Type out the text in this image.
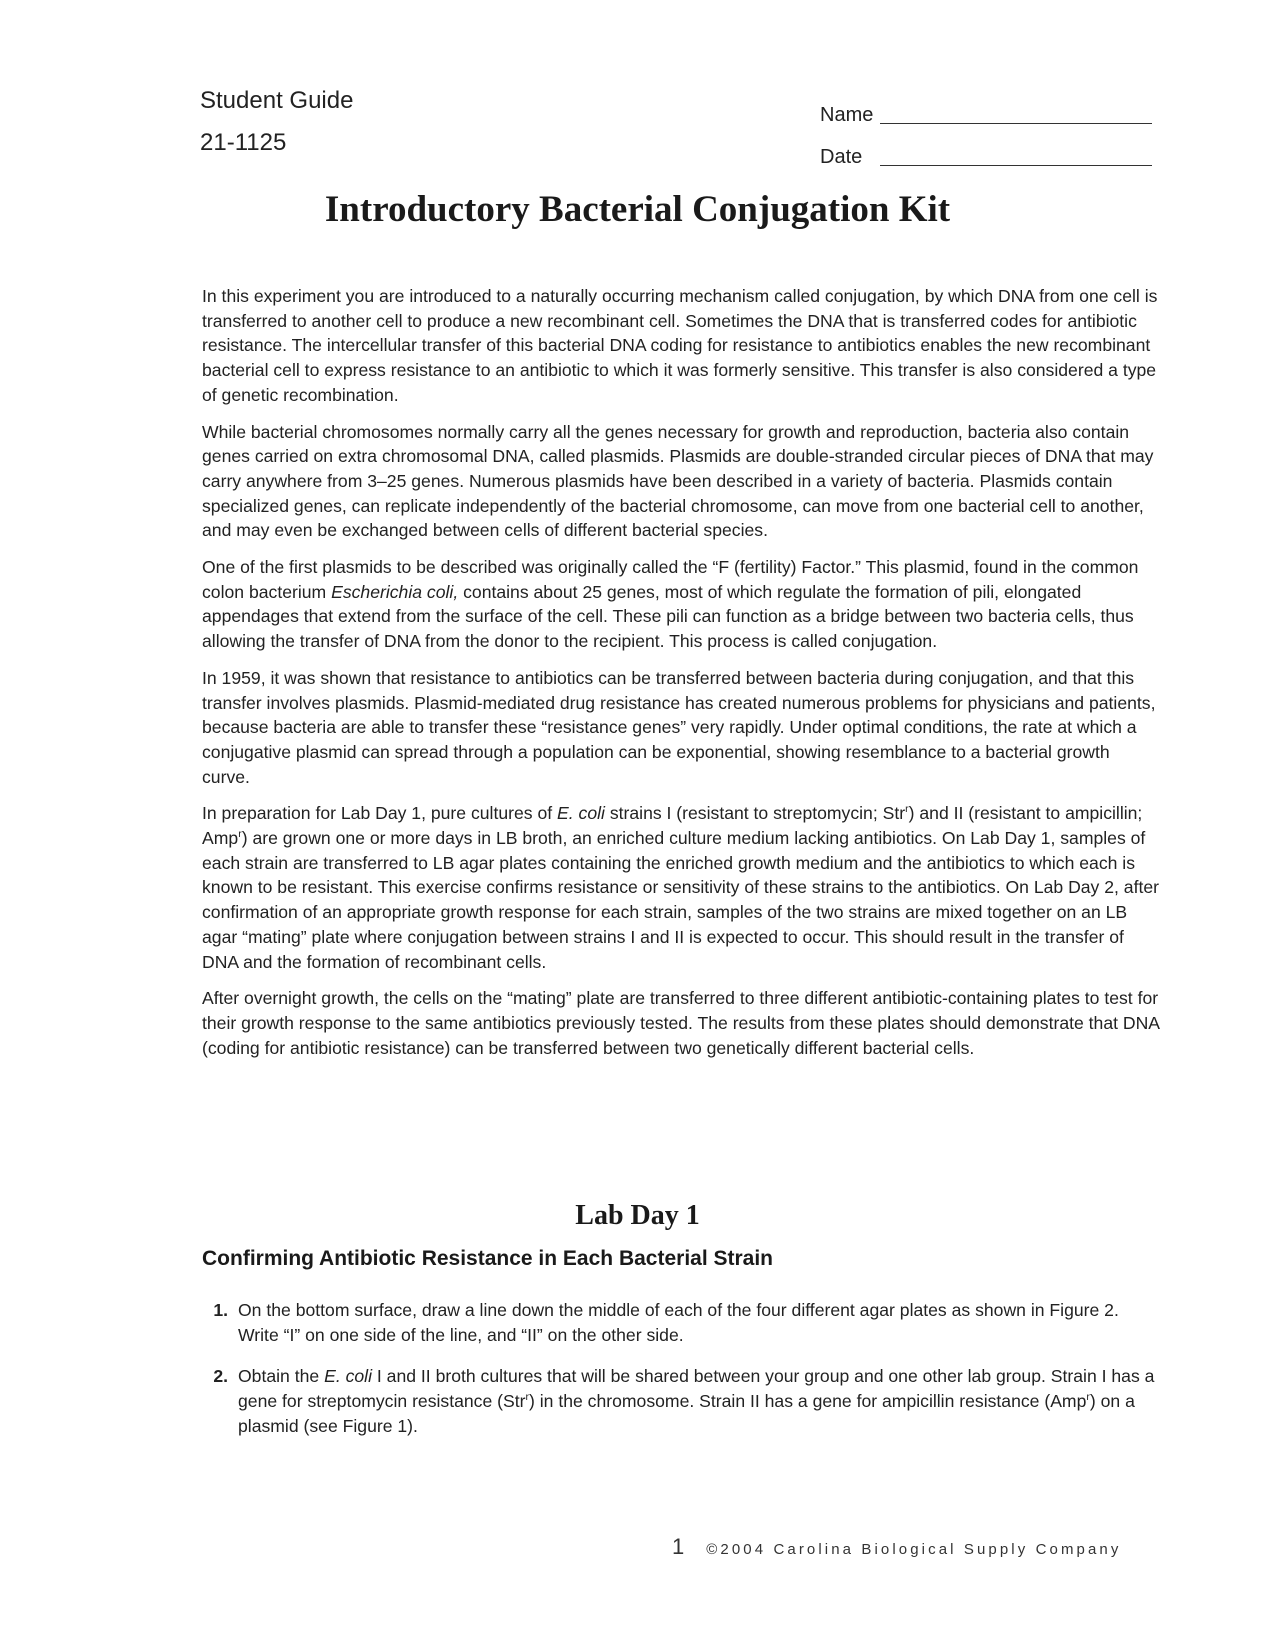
Student Guide
21-1125
Name
Date
Introductory Bacterial Conjugation Kit

In this experiment you are introduced to a naturally occurring mechanism called conjugation, by which DNA from one cell is transferred to another cell to produce a new recombinant cell. Sometimes the DNA that is transferred codes for antibiotic resistance. The intercellular transfer of this bacterial DNA coding for resistance to antibiotics enables the new recombinant bacterial cell to express resistance to an antibiotic to which it was formerly sensitive. This transfer is also considered a type of genetic recombination.

While bacterial chromosomes normally carry all the genes necessary for growth and reproduction, bacteria also contain genes carried on extra chromosomal DNA, called plasmids. Plasmids are double-stranded circular pieces of DNA that may carry anywhere from 3–25 genes. Numerous plasmids have been described in a variety of bacteria. Plasmids contain specialized genes, can replicate independently of the bacterial chromosome, can move from one bacterial cell to another, and may even be exchanged between cells of different bacterial species.

One of the first plasmids to be described was originally called the “F (fertility) Factor.” This plasmid, found in the common colon bacterium Escherichia coli, contains about 25 genes, most of which regulate the formation of pili, elongated appendages that extend from the surface of the cell. These pili can function as a bridge between two bacteria cells, thus allowing the transfer of DNA from the donor to the recipient. This process is called conjugation.

In 1959, it was shown that resistance to antibiotics can be transferred between bacteria during conjugation, and that this transfer involves plasmids. Plasmid-mediated drug resistance has created numerous problems for physicians and patients, because bacteria are able to transfer these “resistance genes” very rapidly. Under optimal conditions, the rate at which a conjugative plasmid can spread through a population can be exponential, showing resemblance to a bacterial growth curve.

In preparation for Lab Day 1, pure cultures of E. coli strains I (resistant to streptomycin; Str$^r$) and II (resistant to ampicillin; Amp$^r$) are grown one or more days in LB broth, an enriched culture medium lacking antibiotics. On Lab Day 1, samples of each strain are transferred to LB agar plates containing the enriched growth medium and the antibiotics to which each is known to be resistant. This exercise confirms resistance or sensitivity of these strains to the antibiotics. On Lab Day 2, after confirmation of an appropriate growth response for each strain, samples of the two strains are mixed together on an LB agar “mating” plate where conjugation between strains I and II is expected to occur. This should result in the transfer of DNA and the formation of recombinant cells.

After overnight growth, the cells on the “mating” plate are transferred to three different antibiotic-containing plates to test for their growth response to the same antibiotics previously tested. The results from these plates should demonstrate that DNA (coding for antibiotic resistance) can be transferred between two genetically different bacterial cells.

Lab Day 1
Confirming Antibiotic Resistance in Each Bacterial Strain
1. On the bottom surface, draw a line down the middle of each of the four different agar plates as shown in Figure 2. Write “I” on one side of the line, and “II” on the other side.
2. Obtain the E. coli I and II broth cultures that will be shared between your group and one other lab group. Strain I has a gene for streptomycin resistance (Str$^r$) in the chromosome. Strain II has a gene for ampicillin resistance (Amp$^r$) on a plasmid (see Figure 1).
1 ©2004 Carolina Biological Supply Company
